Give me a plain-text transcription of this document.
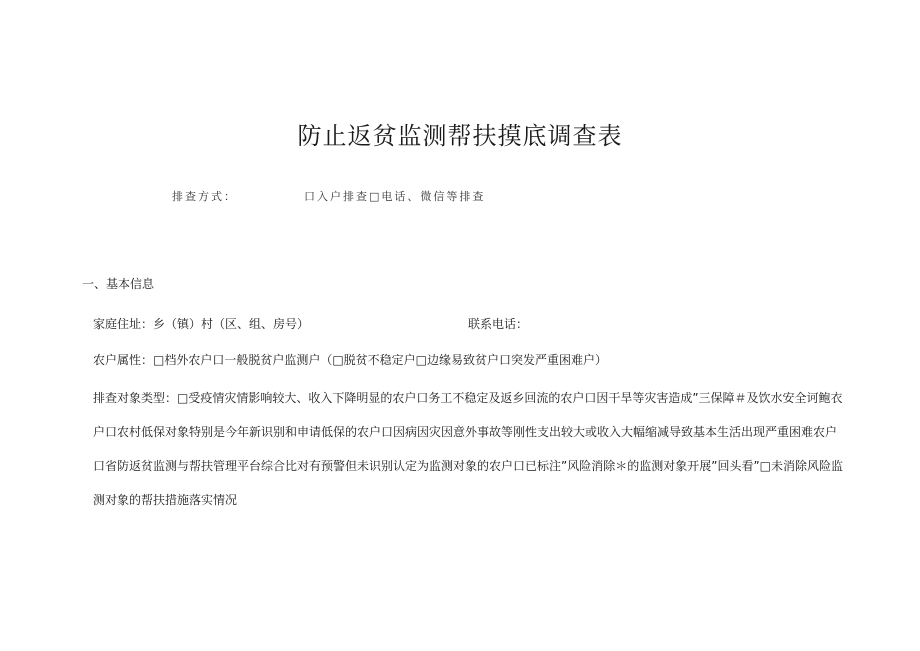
防止返贫监测帮扶摸底调查表
排查方式：	口入户排查□电话、微信等排查
一、基本信息
家庭住址：乡（镇）村（区、组、房号）	联系电话：
农户属性：□档外农户口一般脱贫户监测户（□脱贫不稳定户□边缘易致贫户口突发严重困难户）
排查对象类型：□受疫情灾情影响较大、收入下降明显的农户口务工不稳定及返乡回流的农户口因干旱等灾害造成”三保障＃及饮水安全诃鲍衣
户口农村低保对象特别是今年新识别和申请低保的农户口因病因灾因意外事故等刚性支出较大或收入大幅缩减导致基本生活出现严重困难农户
口省防返贫监测与帮扶管理平台综合比对有预警但未识别认定为监测对象的农户口已标注”风险消除＊的监测对象开展”回头看”□未消除风险监
测对象的帮扶措施落实情况
